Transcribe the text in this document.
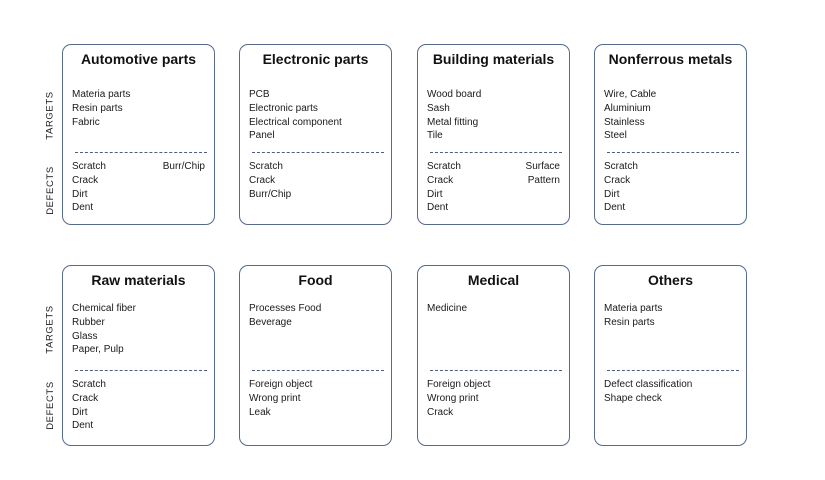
TARGETS
DEFECTS
TARGETS
DEFECTS
Automotive parts
Materia parts
Resin parts
Fabric
Scratch
Crack
Dirt
Dent
Burr/Chip
Electronic parts
PCB
Electronic parts
Electrical component
Panel
Scratch
Crack
Burr/Chip
Building materials
Wood board
Sash
Metal fitting
Tile
Scratch
Crack
Dirt
Dent
Surface
Pattern
Nonferrous metals
Wire, Cable
Aluminium
Stainless
Steel
Scratch
Crack
Dirt
Dent
Raw materials
Chemical fiber
Rubber
Glass
Paper, Pulp
Scratch
Crack
Dirt
Dent
Food
Processes Food
Beverage
Foreign object
Wrong print
Leak
Medical
Medicine
Foreign object
Wrong print
Crack
Others
Materia parts
Resin parts
Defect classification
Shape check
